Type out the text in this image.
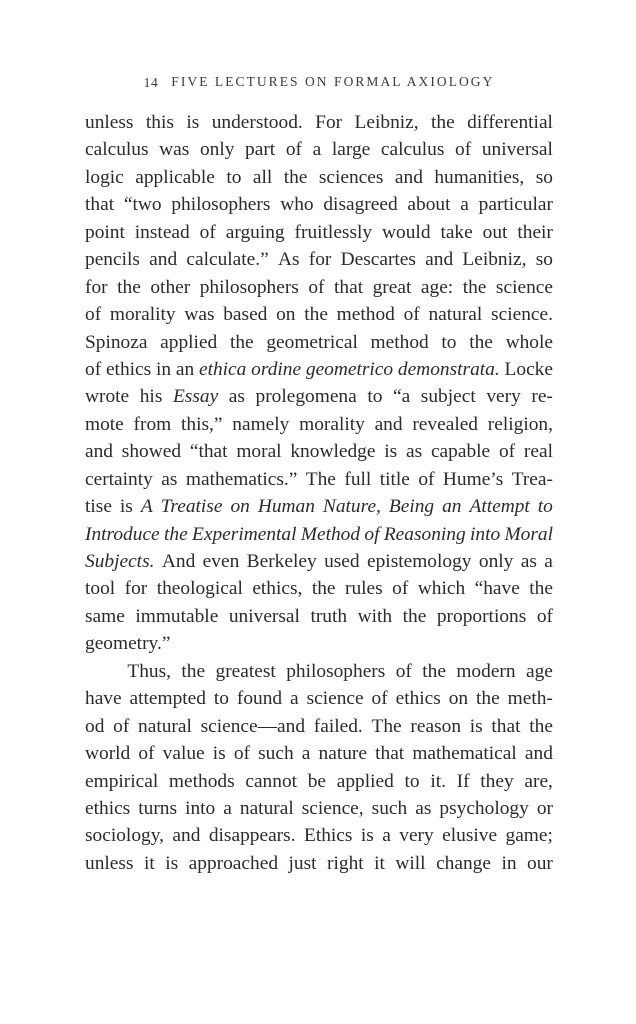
14 FIVE LECTURES ON FORMAL AXIOLOGY
unless this is understood. For Leibniz, the differential
calculus was only part of a large calculus of universal
logic applicable to all the sciences and humanities, so
that “two philosophers who disagreed about a particular
point instead of arguing fruitlessly would take out their
pencils and calculate.” As for Descartes and Leibniz, so
for the other philosophers of that great age: the science
of morality was based on the method of natural science.
Spinoza applied the geometrical method to the whole
of ethics in an ethica ordine geometrico demonstrata. Locke
wrote his Essay as prolegomena to “a subject very re-
mote from this,” namely morality and revealed religion,
and showed “that moral knowledge is as capable of real
certainty as mathematics.” The full title of Hume’s Trea-
tise is A Treatise on Human Nature, Being an Attempt to
Introduce the Experimental Method of Reasoning into Moral
Subjects. And even Berkeley used epistemology only as a
tool for theological ethics, the rules of which “have the
same immutable universal truth with the proportions of
geometry.”
Thus, the greatest philosophers of the modern age
have attempted to found a science of ethics on the meth-
od of natural science—and failed. The reason is that the
world of value is of such a nature that mathematical and
empirical methods cannot be applied to it. If they are,
ethics turns into a natural science, such as psychology or
sociology, and disappears. Ethics is a very elusive game;
unless it is approached just right it will change in our
